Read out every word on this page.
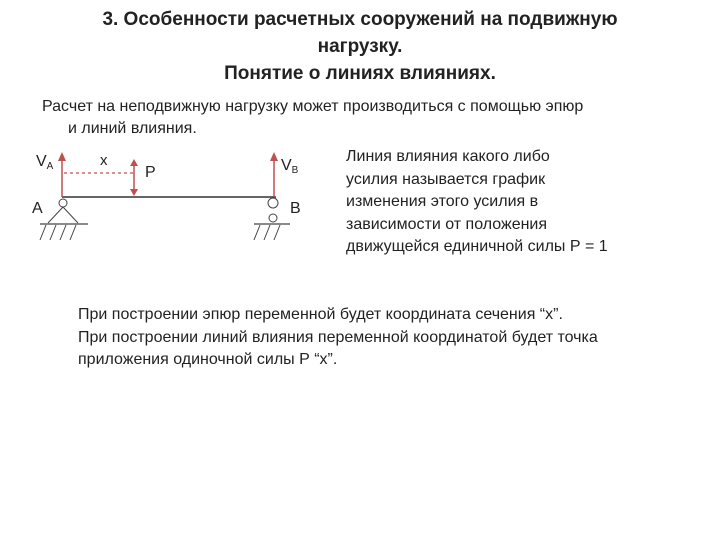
3. Особенности расчетных сооружений на подвижную
нагрузку.
Понятие о линиях влияниях.
Расчет на неподвижную нагрузку может производиться с помощью эпюр
и линий влияния.
VA	VB
x
P
A	B
Линия влияния какого либо
усилия называется график
изменения этого усилия в
зависимости от положения
движущейся единичной силы Р = 1
При построении эпюр переменной будет координата сечения “x”.
При построении линий влияния переменной координатой будет точка
приложения одиночной силы Р “x”.
